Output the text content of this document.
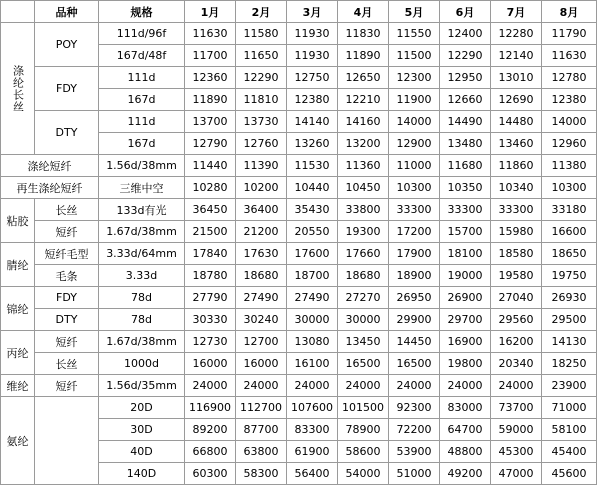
	品种	规格	1月	2月	3月	4月	5月	6月	7月	8月
涤纶长丝	POY	111d/96f	11630	11580	11930	11830	11550	12400	12280	11790
		167d/48f	11700	11650	11930	11890	11500	12290	12140	11630
	FDY	111d	12360	12290	12750	12650	12300	12950	13010	12780
		167d	11890	11810	12380	12210	11900	12660	12690	12380
	DTY	111d	13700	13730	14140	14160	14000	14490	14480	14000
		167d	12790	12760	13260	13200	12900	13480	13460	12960
涤纶短纤		1.56d/38mm	11440	11390	11530	11360	11000	11680	11860	11380
再生涤纶短纤		三维中空	10280	10200	10440	10450	10300	10350	10340	10300
粘胶	长丝	133d有光	36450	36400	35430	33800	33300	33300	33300	33180
	短纤	1.67d/38mm	21500	21200	20550	19300	17200	15700	15980	16600
腈纶	短纤毛型	3.33d/64mm	17840	17630	17600	17660	17900	18100	18580	18650
	毛条	3.33d	18780	18680	18700	18680	18900	19000	19580	19750
锦纶	FDY	78d	27790	27490	27490	27270	26950	26900	27040	26930
	DTY	78d	30330	30240	30000	30000	29900	29700	29560	29500
丙纶	短纤	1.67d/38mm	12730	12700	13080	13450	14450	16900	16200	14130
	长丝	1000d	16000	16000	16100	16500	16500	19800	20340	18250
维纶	短纤	1.56d/35mm	24000	24000	24000	24000	24000	24000	24000	23900
氨纶		20D	116900	112700	107600	101500	92300	83000	73700	71000
		30D	89200	87700	83300	78900	72200	64700	59000	58100
		40D	66800	63800	61900	58600	53900	48800	45300	45400
		140D	60300	58300	56400	54000	51000	49200	47000	45600
